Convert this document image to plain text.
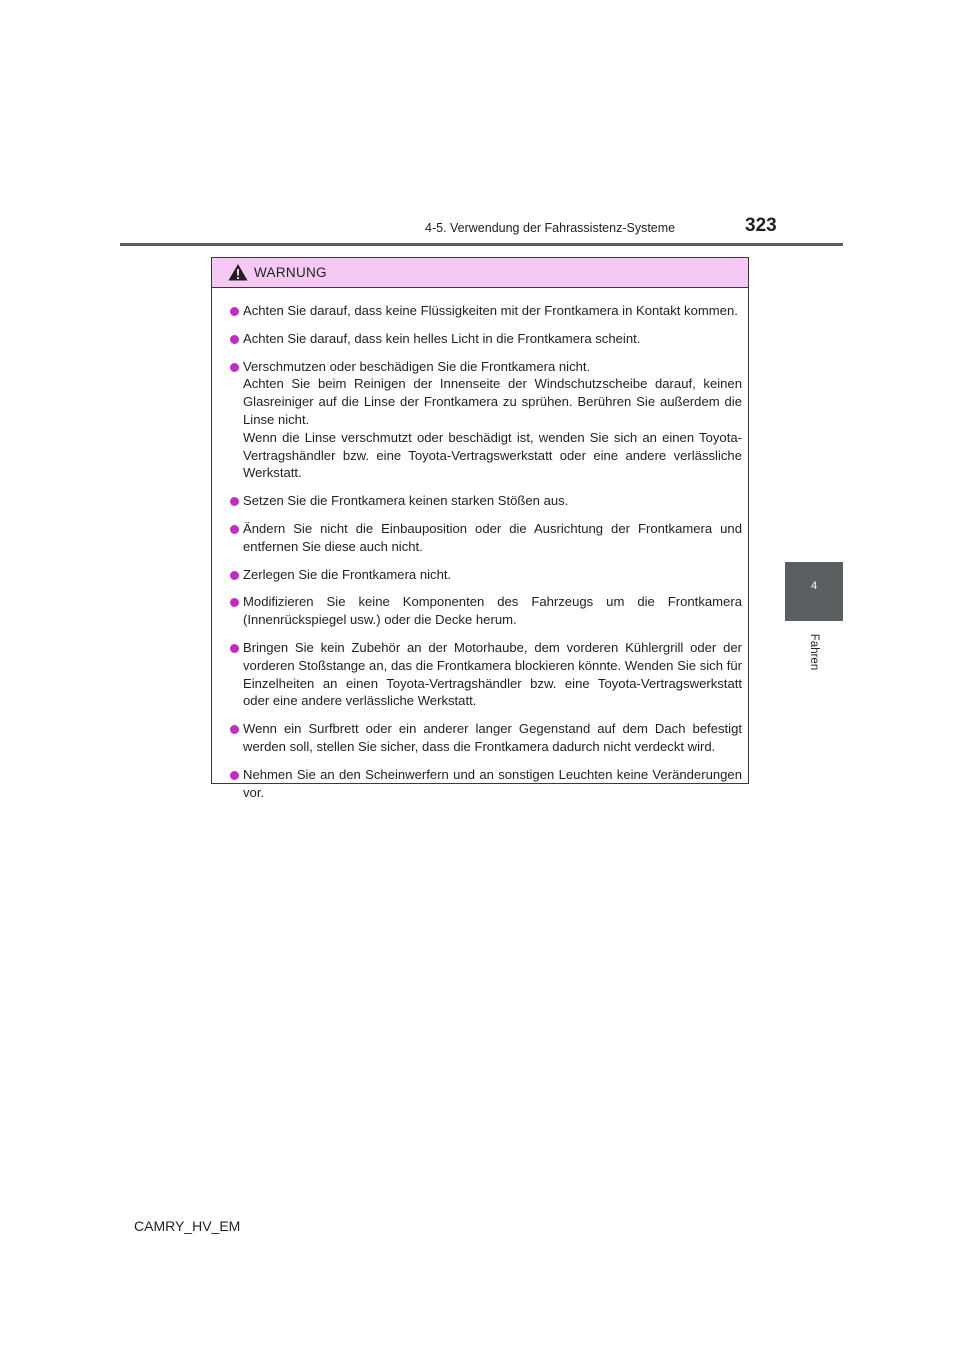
4-5. Verwendung der Fahrassistenz-Systeme	323
4
Fahren
WARNUNG
Achten Sie darauf, dass keine Flüssigkeiten mit der Frontkamera in Kontakt kommen.
Achten Sie darauf, dass kein helles Licht in die Frontkamera scheint.
Verschmutzen oder beschädigen Sie die Frontkamera nicht.
Achten Sie beim Reinigen der Innenseite der Windschutzscheibe darauf, keinen Glasreiniger auf die Linse der Frontkamera zu sprühen. Berühren Sie außerdem die Linse nicht.
Wenn die Linse verschmutzt oder beschädigt ist, wenden Sie sich an einen Toyota-Vertragshändler bzw. eine Toyota-Vertragswerkstatt oder eine andere verlässliche Werkstatt.
Setzen Sie die Frontkamera keinen starken Stößen aus.
Ändern Sie nicht die Einbauposition oder die Ausrichtung der Frontkamera und entfernen Sie diese auch nicht.
Zerlegen Sie die Frontkamera nicht.
Modifizieren Sie keine Komponenten des Fahrzeugs um die Frontkamera (Innenrückspiegel usw.) oder die Decke herum.
Bringen Sie kein Zubehör an der Motorhaube, dem vorderen Kühlergrill oder der vorderen Stoßstange an, das die Frontkamera blockieren könnte. Wenden Sie sich für Einzelheiten an einen Toyota-Vertragshändler bzw. eine Toyota-Vertragswerkstatt oder eine andere verlässliche Werkstatt.
Wenn ein Surfbrett oder ein anderer langer Gegenstand auf dem Dach befestigt werden soll, stellen Sie sicher, dass die Frontkamera dadurch nicht verdeckt wird.
Nehmen Sie an den Scheinwerfern und an sonstigen Leuchten keine Veränderungen vor.
CAMRY_HV_EM
